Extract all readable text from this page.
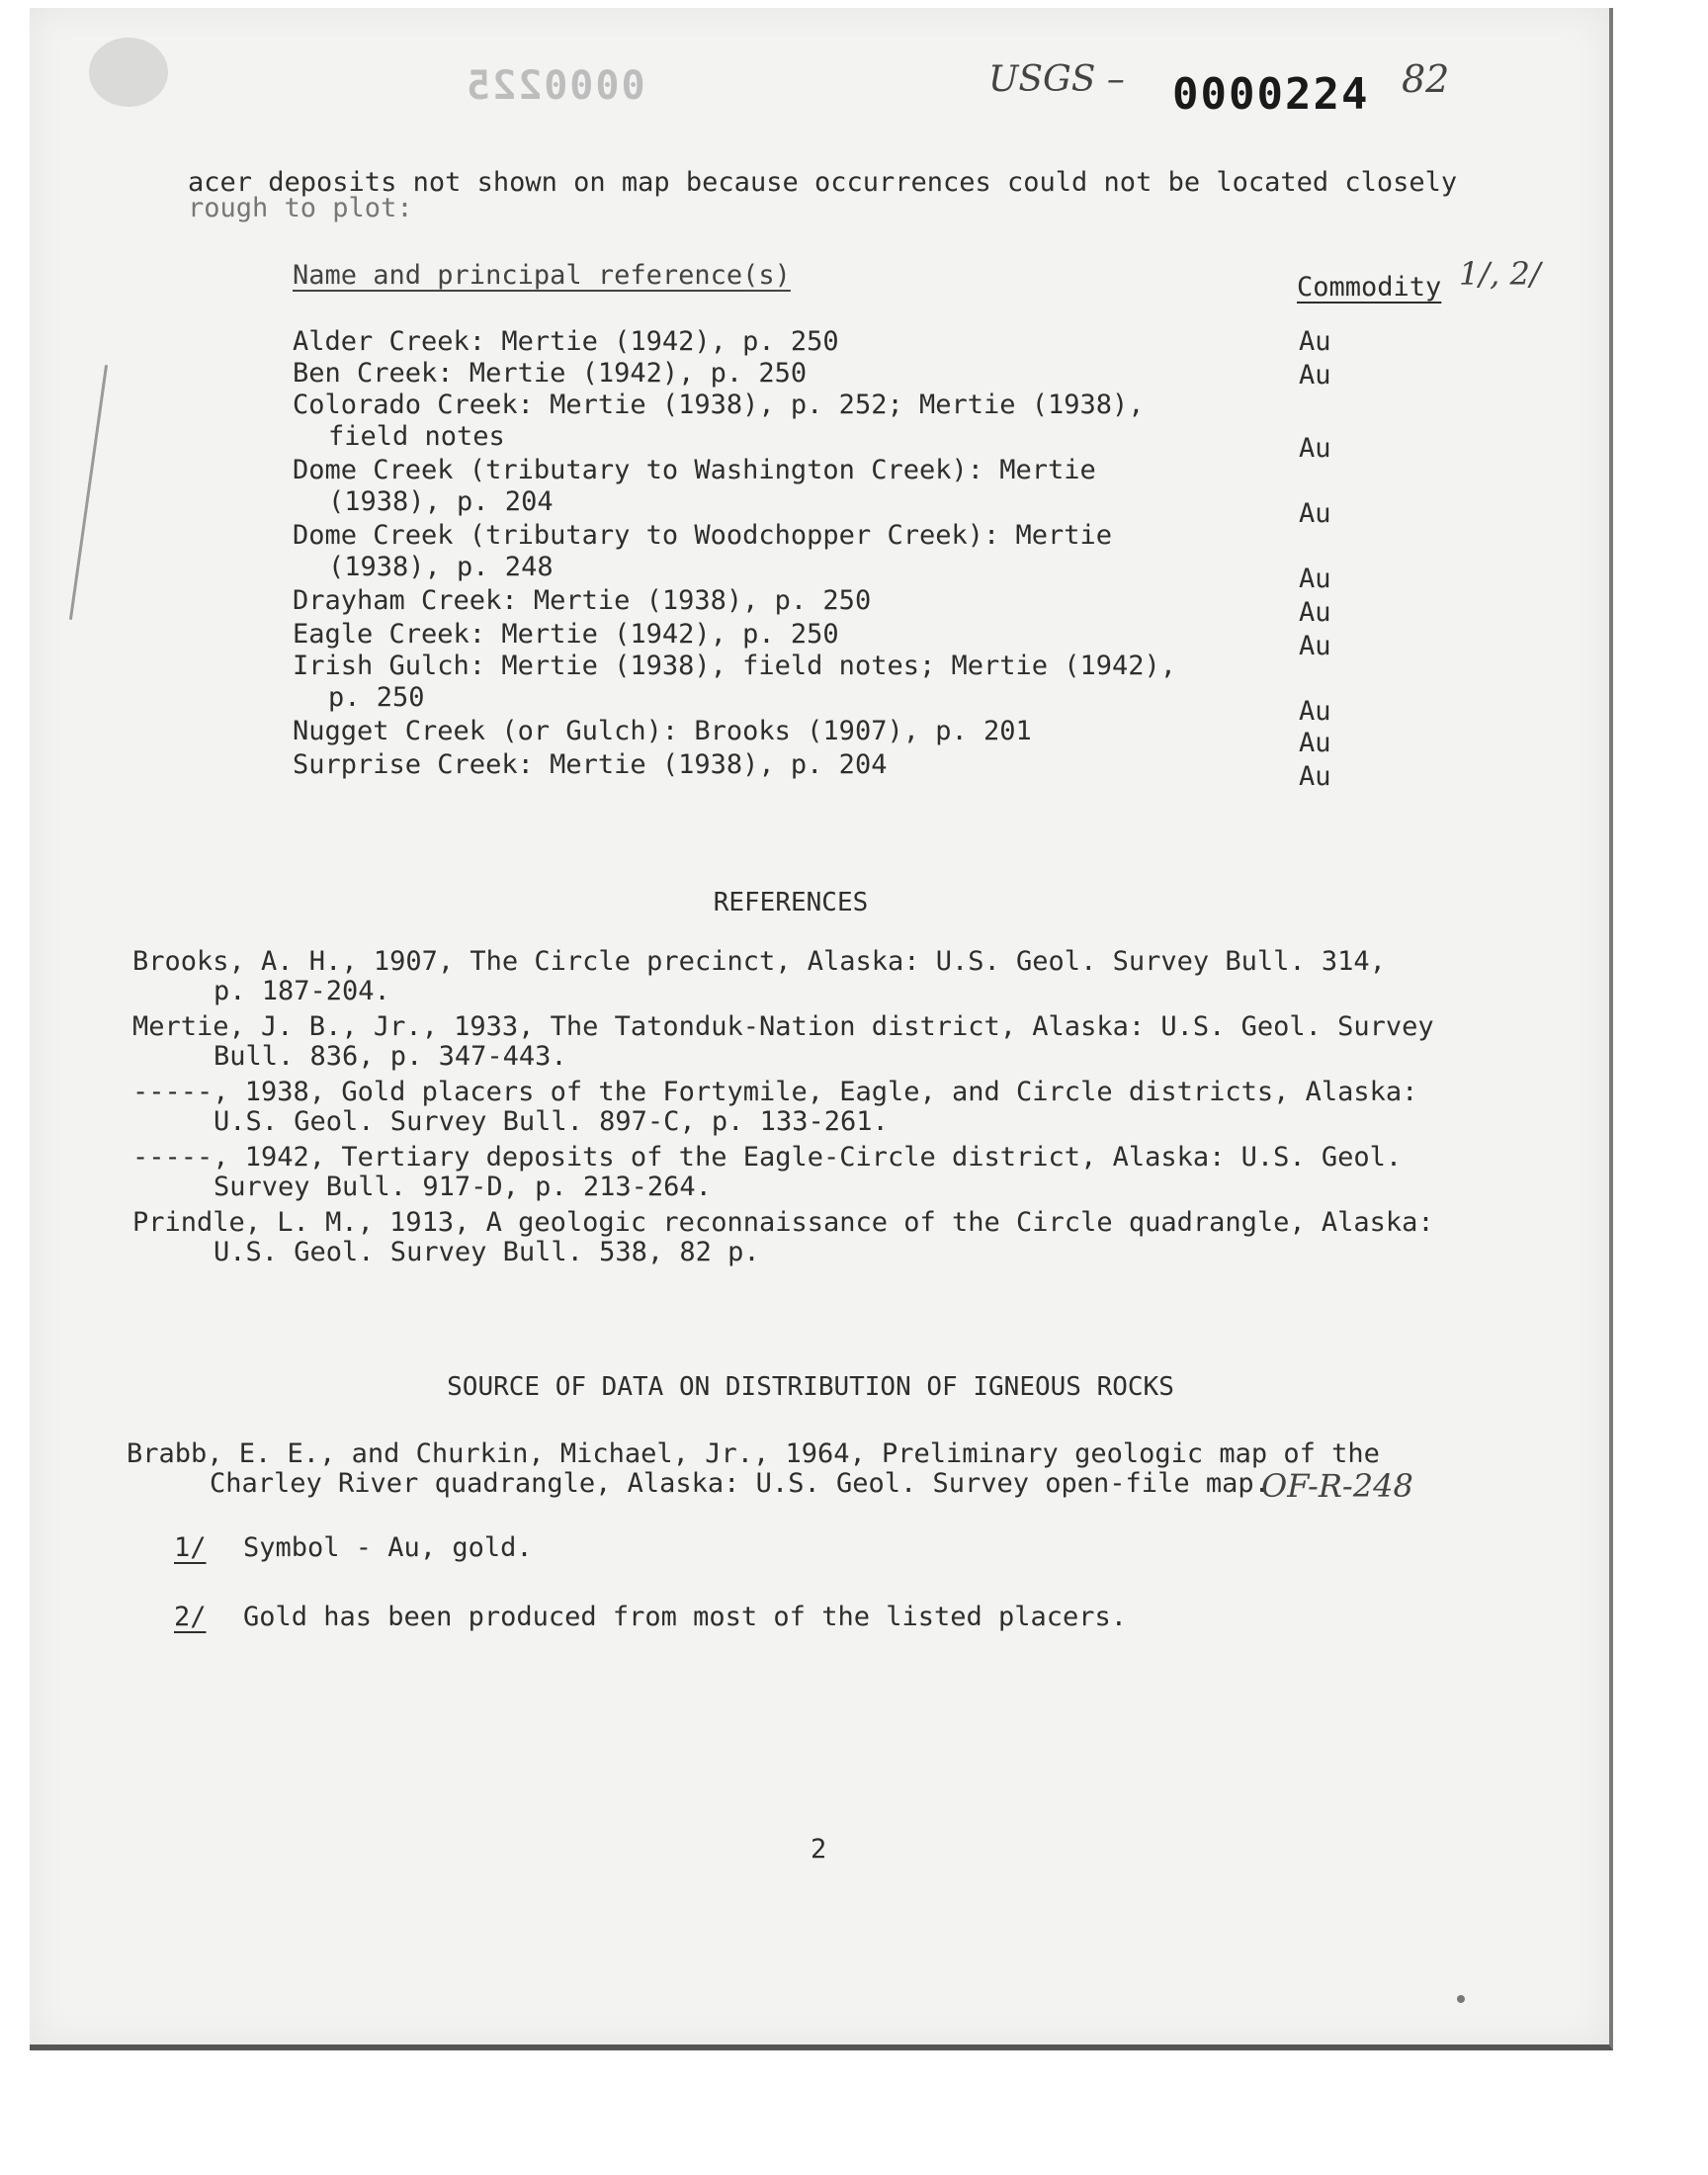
0000225	USGS – 0000224 82
acer deposits not shown on map because occurrences could not be located closely
rough to plot:
Name and principal reference(s)	Commodity 1/, 2/
Alder Creek: Mertie (1942), p. 250	Au
Ben Creek: Mertie (1942), p. 250	Au
Colorado Creek: Mertie (1938), p. 252; Mertie (1938),
field notes	Au
Dome Creek (tributary to Washington Creek): Mertie
(1938), p. 204	Au
Dome Creek (tributary to Woodchopper Creek): Mertie
(1938), p. 248	Au
Drayham Creek: Mertie (1938), p. 250	Au
Eagle Creek: Mertie (1942), p. 250	Au
Irish Gulch: Mertie (1938), field notes; Mertie (1942),
p. 250	Au
Nugget Creek (or Gulch): Brooks (1907), p. 201	Au
Surprise Creek: Mertie (1938), p. 204	Au
REFERENCES
Brooks, A. H., 1907, The Circle precinct, Alaska: U.S. Geol. Survey Bull. 314,
p. 187-204.
Mertie, J. B., Jr., 1933, The Tatonduk-Nation district, Alaska: U.S. Geol. Survey
Bull. 836, p. 347-443.
-----, 1938, Gold placers of the Fortymile, Eagle, and Circle districts, Alaska:
U.S. Geol. Survey Bull. 897-C, p. 133-261.
-----, 1942, Tertiary deposits of the Eagle-Circle district, Alaska: U.S. Geol.
Survey Bull. 917-D, p. 213-264.
Prindle, L. M., 1913, A geologic reconnaissance of the Circle quadrangle, Alaska:
U.S. Geol. Survey Bull. 538, 82 p.
SOURCE OF DATA ON DISTRIBUTION OF IGNEOUS ROCKS
Brabb, E. E., and Churkin, Michael, Jr., 1964, Preliminary geologic map of the
Charley River quadrangle, Alaska: U.S. Geol. Survey open-file map.
OF-R-248
1/ Symbol - Au, gold.
2/ Gold has been produced from most of the listed placers.
2
